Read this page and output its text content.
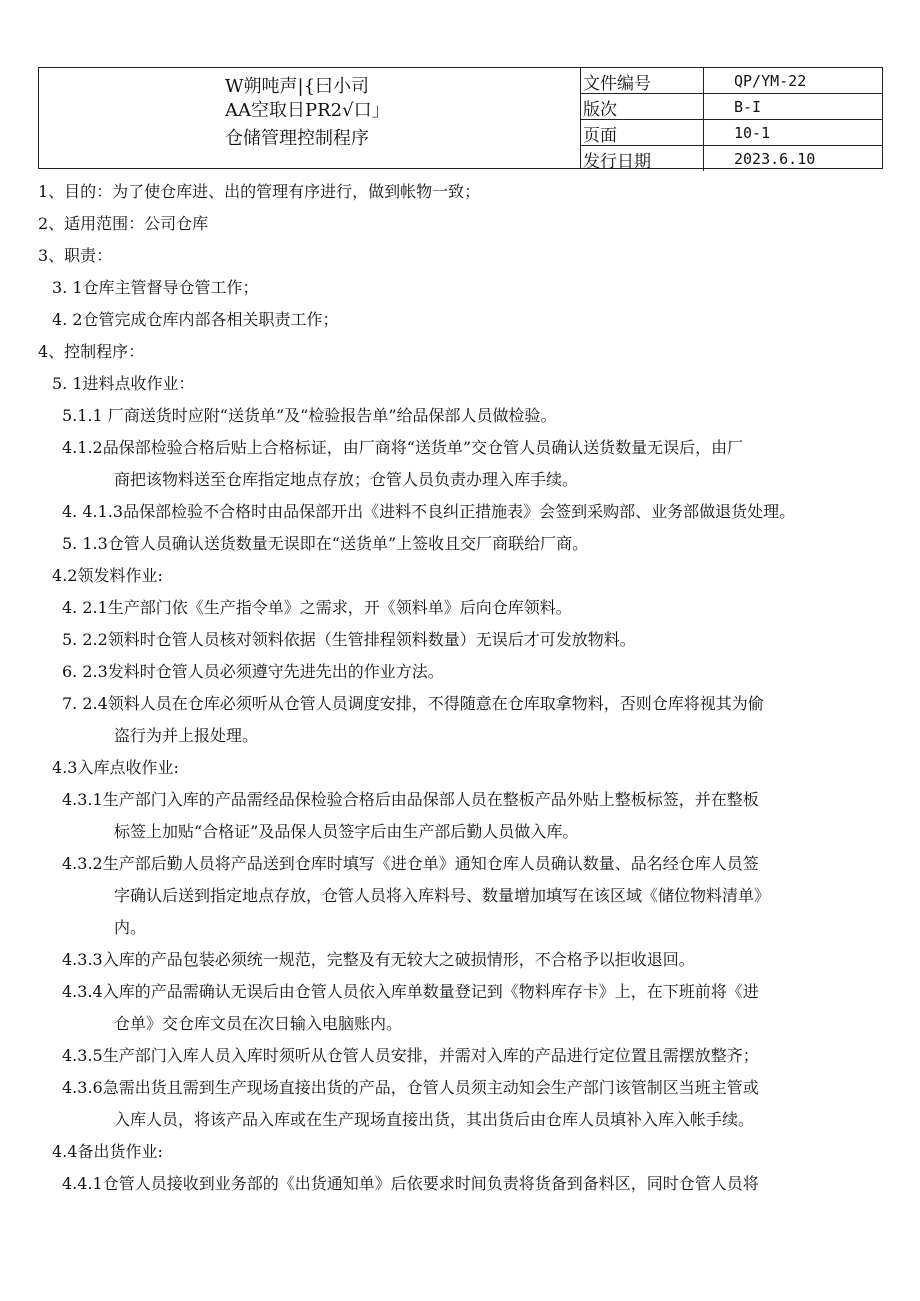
W朔吨声|{曰小司
AA空取日PR2√口」
仓储管理控制程序
文件编号	QP/YM-22
版次	B-I
页面	10-1
发行日期	2023.6.10
1、目的：为了使仓库进、出的管理有序进行，做到帐物一致；
2、适用范围：公司仓库
3、职责：
3. 1仓库主管督导仓管工作；
4. 2仓管完成仓库内部各相关职责工作；
4、控制程序：
5. 1进料点收作业：
5.1.1 厂商送货时应附“送货单”及“检验报告单”给品保部人员做检验。
4.1.2品保部检验合格后贴上合格标证，由厂商将“送货单”交仓管人员确认送货数量无误后，由厂
商把该物料送至仓库指定地点存放；仓管人员负责办理入库手续。
4. 4.1.3品保部检验不合格时由品保部开出《进料不良纠正措施表》会签到采购部、业务部做退货处理。
5. 1.3仓管人员确认送货数量无误即在“送货单”上签收且交厂商联给厂商。
4.2领发料作业:
4. 2.1生产部门依《生产指令单》之需求，开《领料单》后向仓库领料。
5. 2.2领料时仓管人员核对领料依据（生管排程领料数量）无误后才可发放物料。
6. 2.3发料时仓管人员必须遵守先进先出的作业方法。
7. 2.4领料人员在仓库必须听从仓管人员调度安排，不得随意在仓库取拿物料，否则仓库将视其为偷
盗行为并上报处理。
4.3入库点收作业:
4.3.1生产部门入库的产品需经品保检验合格后由品保部人员在整板产品外贴上整板标签，并在整板
标签上加贴“合格证”及品保人员签字后由生产部后勤人员做入库。
4.3.2生产部后勤人员将产品送到仓库时填写《进仓单》通知仓库人员确认数量、品名经仓库人员签
字确认后送到指定地点存放，仓管人员将入库料号、数量增加填写在该区域《储位物料清单》
内。
4.3.3入库的产品包装必须统一规范，完整及有无较大之破损情形，不合格予以拒收退回。
4.3.4入库的产品需确认无误后由仓管人员依入库单数量登记到《物料库存卡》上，在下班前将《进
仓单》交仓库文员在次日输入电脑账内。
4.3.5生产部门入库人员入库时须听从仓管人员安排，并需对入库的产品进行定位置且需摆放整齐；
4.3.6急需出货且需到生产现场直接出货的产品，仓管人员须主动知会生产部门该管制区当班主管或
入库人员，将该产品入库或在生产现场直接出货，其出货后由仓库人员填补入库入帐手续。
4.4备出货作业:
4.4.1仓管人员接收到业务部的《出货通知单》后依要求时间负责将货备到备料区，同时仓管人员将
